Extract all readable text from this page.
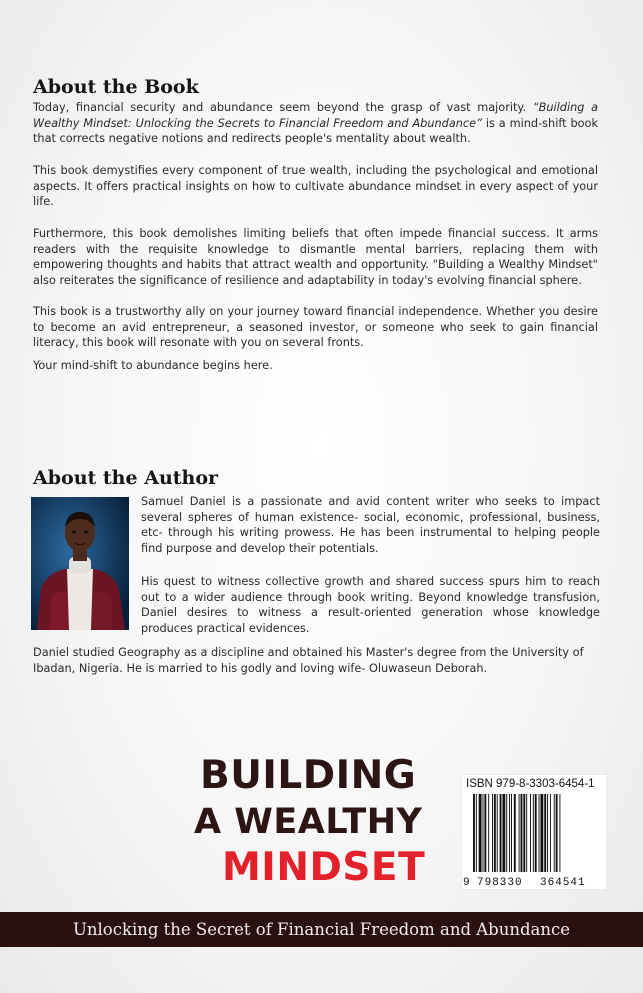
About the Book

Today, financial security and abundance seem beyond the grasp of vast majority. “Building a Wealthy Mindset: Unlocking the Secrets to Financial Freedom and Abundance” is a mind-shift book that corrects negative notions and redirects people's mentality about wealth.

This book demystifies every component of true wealth, including the psychological and emotional aspects. It offers practical insights on how to cultivate abundance mindset in every aspect of your life.

Furthermore, this book demolishes limiting beliefs that often impede financial success. It arms readers with the requisite knowledge to dismantle mental barriers, replacing them with empowering thoughts and habits that attract wealth and opportunity. "Building a Wealthy Mindset" also reiterates the significance of resilience and adaptability in today's evolving financial sphere.

This book is a trustworthy ally on your journey toward financial independence. Whether you desire to become an avid entrepreneur, a seasoned investor, or someone who seek to gain financial literacy, this book will resonate with you on several fronts.

Your mind-shift to abundance begins here.

About the Author

Samuel Daniel is a passionate and avid content writer who seeks to impact several spheres of human existence- social, economic, professional, business, etc- through his writing prowess. He has been instrumental to helping people find purpose and develop their potentials.

His quest to witness collective growth and shared success spurs him to reach out to a wider audience through book writing. Beyond knowledge transfusion, Daniel desires to witness a result-oriented generation whose knowledge produces practical evidences.

Daniel studied Geography as a discipline and obtained his Master's degree from the University of Ibadan, Nigeria. He is married to his godly and loving wife- Oluwaseun Deborah.

BUILDING
A WEALTHY
MINDSET
ISBN 979-8-3303-6454-1
9 798330 364541

Unlocking the Secret of Financial Freedom and Abundance
